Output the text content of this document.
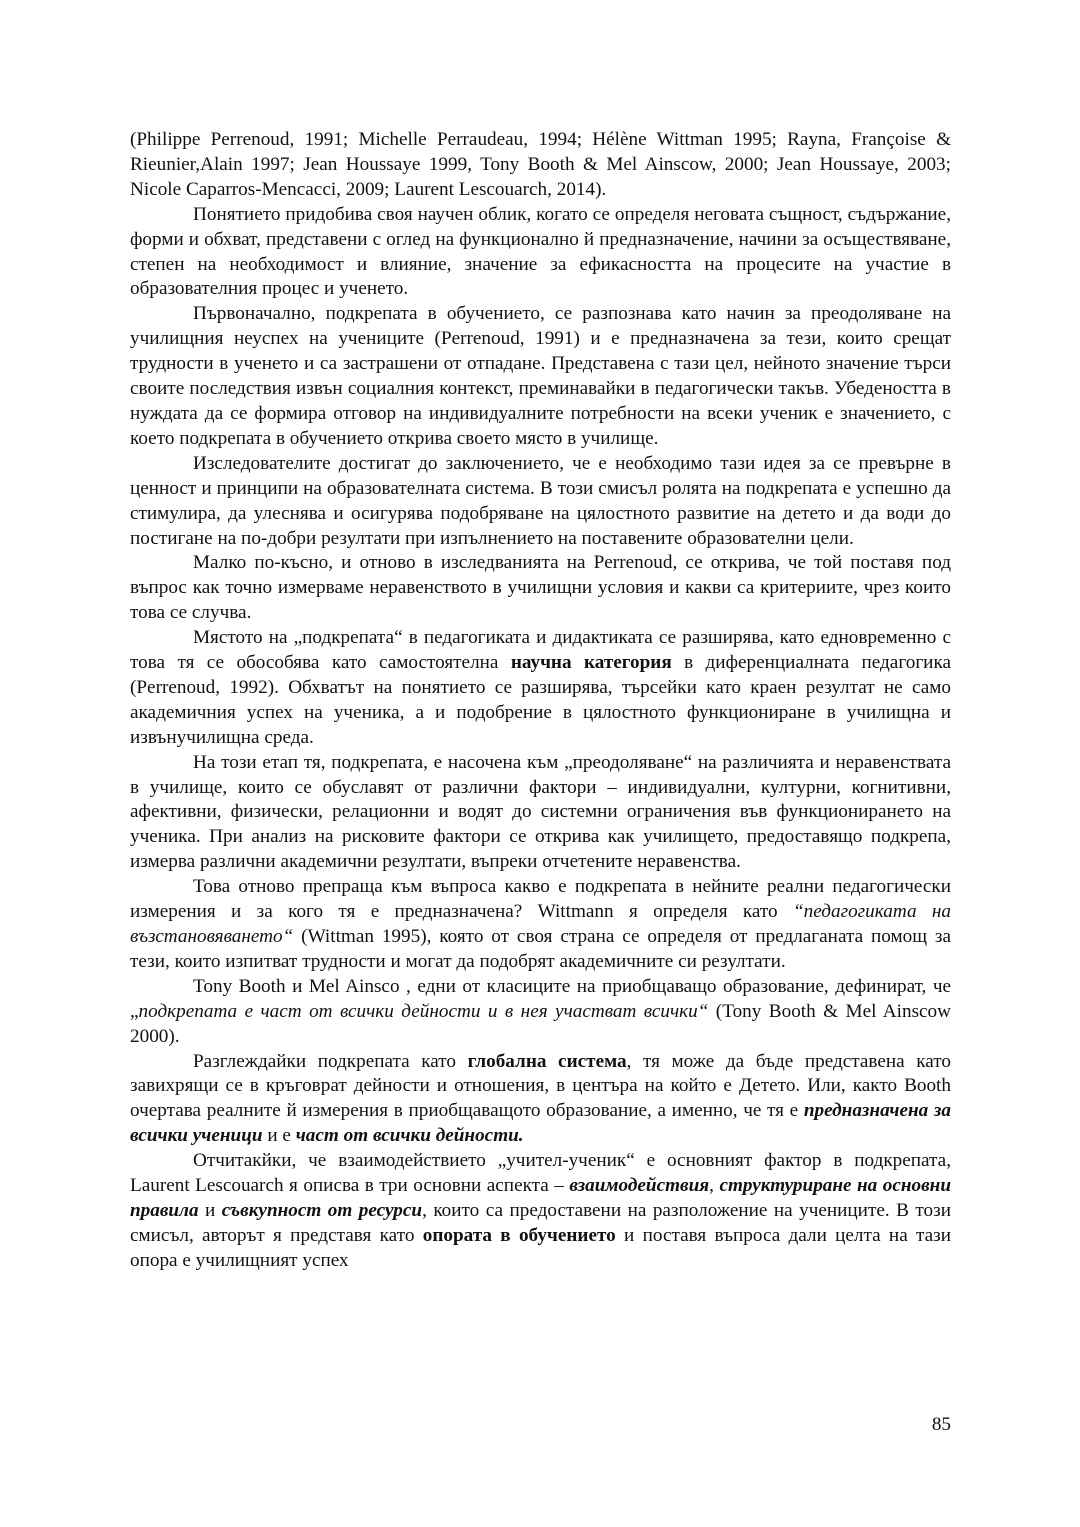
(Philippe Perrenoud, 1991; Michelle Perraudeau, 1994; Hélène Wittman 1995; Rayna, Françoise & Rieunier,Alain 1997; Jean Houssaye 1999, Tony Booth & Mel Ainscow, 2000; Jean Houssaye, 2003; Nicole Caparros-Mencacci, 2009; Laurent Lescouarch, 2014).

Понятието придобива своя научен облик, когато се определя неговата същност, съдържание, форми и обхват, представени с оглед на функционално й предназначение, начини за осъществяване, степен на необходимост и влияние, значение за ефикасността на процесите на участие в образователния процес и ученето.

Първоначално, подкрепата в обучението, се разпознава като начин за преодоляване на училищния неуспех на учениците (Perrenoud, 1991) и е предназначена за тези, които срещат трудности в ученето и са застрашени от отпадане. Представена с тази цел, нейното значение търси своите последствия извън социалния контекст, преминавайки в педагогически такъв. Убедеността в нуждата да се формира отговор на индивидуалните потребности на всеки ученик е значението, с което подкрепата в обучението открива своето място в училище.

Изследователите достигат до заключението, че е необходимо тази идея за се превърне в ценност и принципи на образователната система. В този смисъл ролята на подкрепата е успешно да стимулира, да улеснява и осигурява подобряване на цялостното развитие на детето и да води до постигане на по-добри резултати при изпълнението на поставените образователни цели.

Малко по-късно, и отново в изследванията на Perrenoud, се открива, че той поставя под въпрос как точно измерваме неравенството в училищни условия и какви са критериите, чрез които това се случва.

Мястото на „подкрепата“ в педагогиката и дидактиката се разширява, като едновременно с това тя се обособява като самостоятелна научна категория в диференциалната педагогика (Perrenoud, 1992). Обхватът на понятието се разширява, търсейки като краен резултат не само академичния успех на ученика, а и подобрение в цялостното функциониране в училищна и извънучилищна среда.

На този етап тя, подкрепата, е насочена към „преодоляване“ на различията и неравенствата в училище, които се обуславят от различни фактори – индивидуални, културни, когнитивни, афективни, физически, релационни и водят до системни ограничения във функционирането на ученика. При анализ на рисковите фактори се открива как училището, предоставящо подкрепа, измерва различни академични резултати, въпреки отчетените неравенства.

Това отново препраща към въпроса какво е подкрепата в нейните реални педагогически измерения и за кого тя е предназначена? Wittmann я определя като “педагогиката на възстановяването“ (Wittman 1995), която от своя страна се определя от предлаганата помощ за тези, които изпитват трудности и могат да подобрят академичните си резултати.

Tony Booth и Mel Ainsco , едни от класиците на приобщаващо образование, дефинират, че „подкрепата е част от всички дейности и в нея участват всички“ (Tony Booth & Mel Ainscow 2000).

Разглеждайки подкрепата като глобална система, тя може да бъде представена като завихрящи се в кръговрат дейности и отношения, в центъра на който е Детето. Или, както Booth очертава реалните й измерения в приобщаващото образование, а именно, че тя е предназначена за всички ученици и е част от всички дейности.

Отчитакйки, че взаимодействието „учител-ученик“ е основният фактор в подкрепата, Laurent Lescouarch я описва в три основни аспекта – взаимодействия, структуриране на основни правила и съвкупност от ресурси, които са предоставени на разположение на учениците. В този смисъл, авторът я представя като опората в обучението и поставя въпроса дали целта на тази опора е училищният успех

85
